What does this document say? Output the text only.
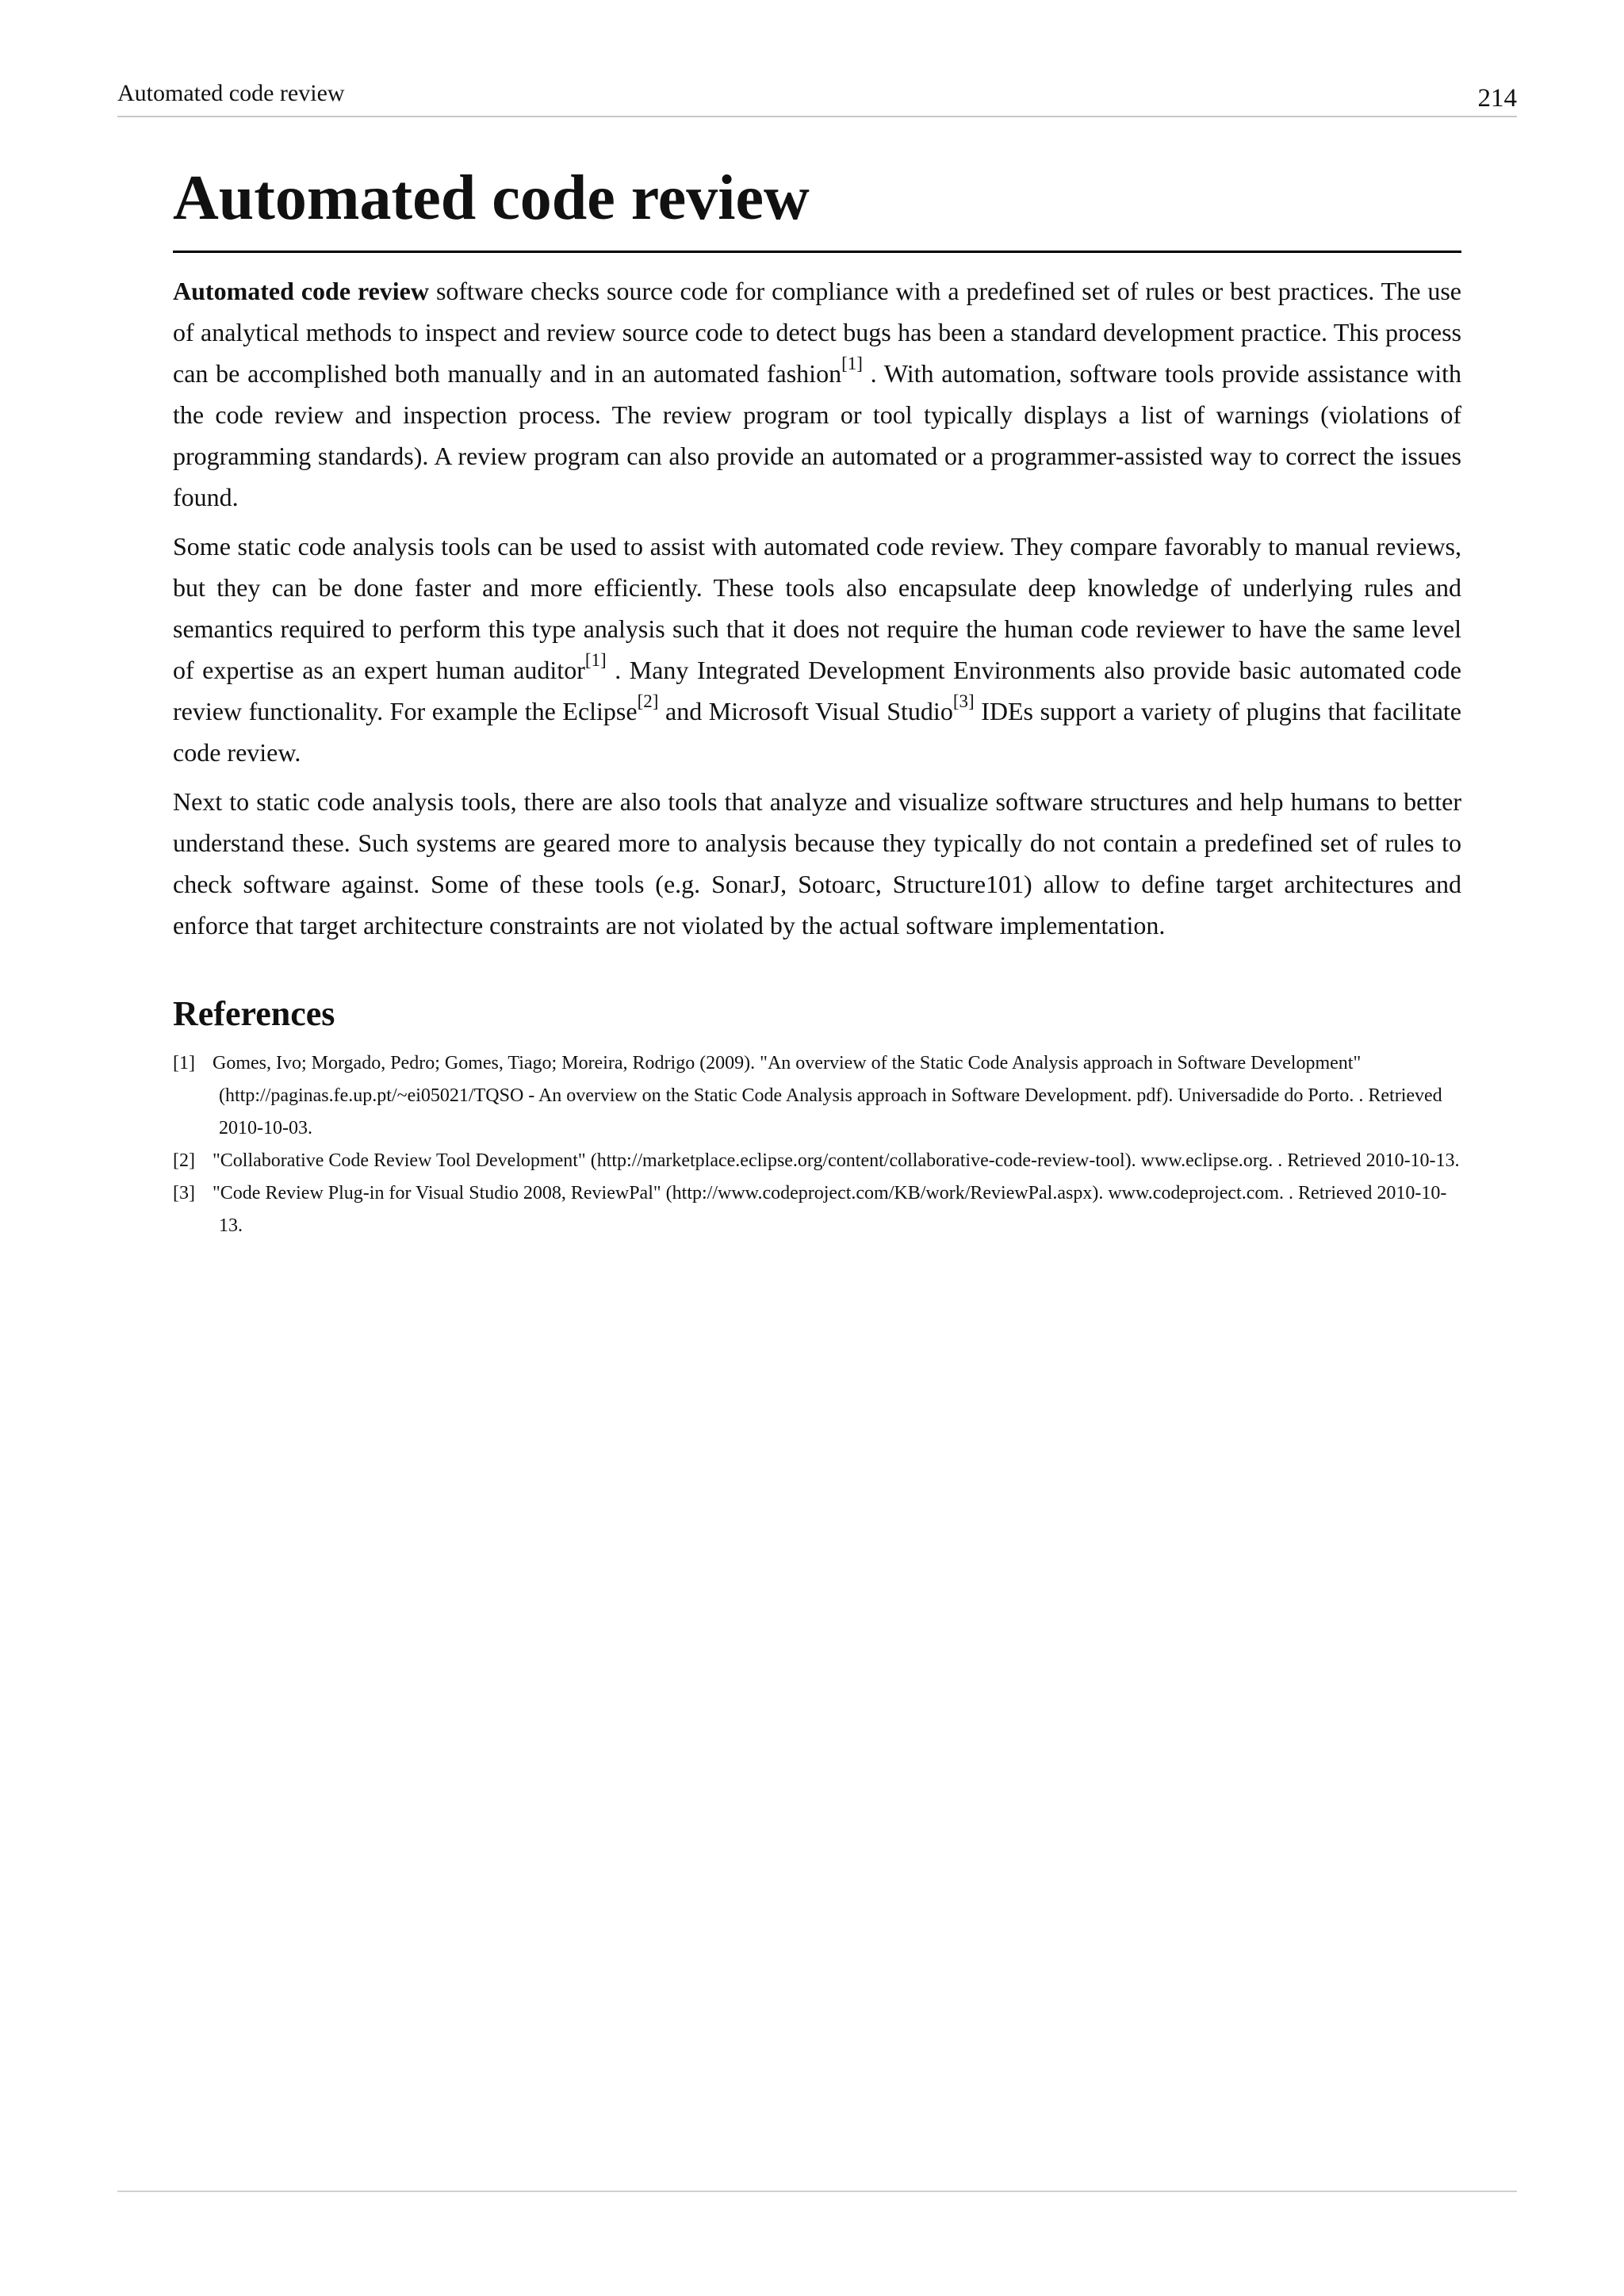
Automated code review	214
Automated code review

Automated code review software checks source code for compliance with a predefined set of rules or best practices. The use of analytical methods to inspect and review source code to detect bugs has been a standard development practice. This process can be accomplished both manually and in an automated fashion[1] . With automation, software tools provide assistance with the code review and inspection process. The review program or tool typically displays a list of warnings (violations of programming standards). A review program can also provide an automated or a programmer-assisted way to correct the issues found.

Some static code analysis tools can be used to assist with automated code review. They compare favorably to manual reviews, but they can be done faster and more efficiently. These tools also encapsulate deep knowledge of underlying rules and semantics required to perform this type analysis such that it does not require the human code reviewer to have the same level of expertise as an expert human auditor[1] . Many Integrated Development Environments also provide basic automated code review functionality. For example the Eclipse[2] and Microsoft Visual Studio[3] IDEs support a variety of plugins that facilitate code review.

Next to static code analysis tools, there are also tools that analyze and visualize software structures and help humans to better understand these. Such systems are geared more to analysis because they typically do not contain a predefined set of rules to check software against. Some of these tools (e.g. SonarJ, Sotoarc, Structure101) allow to define target architectures and enforce that target architecture constraints are not violated by the actual software implementation.

References
[1] Gomes, Ivo; Morgado, Pedro; Gomes, Tiago; Moreira, Rodrigo (2009). "An overview of the Static Code Analysis approach in Software Development" (http://paginas.fe.up.pt/~ei05021/TQSO - An overview on the Static Code Analysis approach in Software Development. pdf). Universadide do Porto. . Retrieved 2010-10-03.
[2] "Collaborative Code Review Tool Development" (http://marketplace.eclipse.org/content/collaborative-code-review-tool). www.eclipse.org. . Retrieved 2010-10-13.
[3] "Code Review Plug-in for Visual Studio 2008, ReviewPal" (http://www.codeproject.com/KB/work/ReviewPal.aspx). www.codeproject.com. . Retrieved 2010-10-13.
